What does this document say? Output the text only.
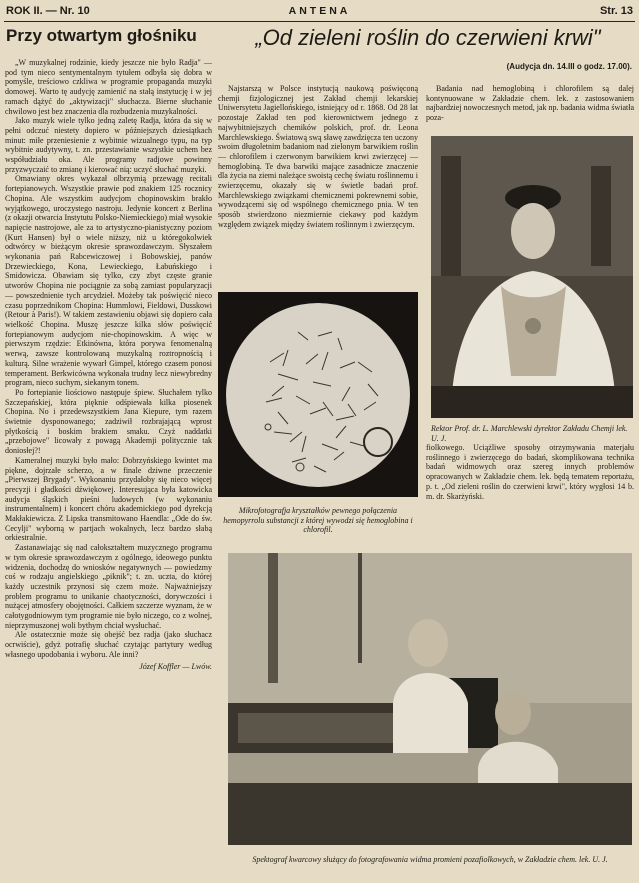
ROK II. — Nr. 10	ANTENA	Str. 13
Przy otwartym głośniku

„W muzykalnej rodzinie, kiedy jeszcze nie było Radja" — pod tym nieco sentymentalnym tytułem odbyła się dobra w pomyśle, treściowo czkliwa w programie propaganda muzyki domowej. Warto tę audycję zamienić na stałą instytucję i w jej ramach dążyć do „aktywizacji" słuchacza. Bierne słuchanie chwilowo jest bez znaczenia dla rozbudzenia muzykalności.

Jako muzyk wiele tylko jedną zaletę Radja, która da się w pełni odczuć niestety dopiero w późniejszych dziesiątkach minut: miłe przeniesienie z wybitnie wizualnego typu, na typ wybitnie audytywny, t. zn. przestawianie wszystkie uchem bez współudziału oka. Ale programy radjowe powinny przyzwyczaić to zmianę i kierować nią: uczyć słuchać muzyki.

Omawiany okres wykazał olbrzymią przewagę recitali fortepianowych. Wszystkie prawie pod znakiem 125 rocznicy Chopina. Ale wszystkim audycjom chopinowskim brakło wyjątkowego, uroczystego nastroju. Jedynie koncert z Berlina (z okazji otwarcia Instytutu Polsko-Niemieckiego) miał wysokie napięcie nastrojowe, ale za to artystyczno-pianistyczny poziom (Kurt Hansen) był o wiele niższy, niż u któregokolwiek odtwórcy w bieżącym okresie sprawozdawczym. Słyszałem wykonania pań Rabcewiczowej i Bobowskiej, panów Drzewieckiego, Kona, Lewieckiego, Łabuńskiego i Smidowicza. Obawiam się tylko, czy zbyt częste granie utworów Chopina nie pociągnie za sobą zamiast popularyzacji — powszednienie tych arcydzieł. Możeby tak poświęcić nieco czasu poprzednikom Chopina: Hummlowi, Fieldowi, Dusskowi (Retour à Paris!). W takiem zestawieniu objawi się dopiero cała wielkość Chopina. Muszę jeszcze kilka słów poświęcić fortepianowym audycjom nie-chopinowskim. A więc w pierwszym rzędzie: Etkinówna, która porywa fenomenalną werwą, zawsze kontrolowaną muzykalną roztropnością i kulturą. Silne wrażenie wywarł Gimpel, którego czasem ponosi temperament. Berkwicówna wykonała trudny lecz niewybredny program, nieco suchym, siekanym tonem.

Po fortepianie liościowo następuje śpiew. Słuchałem tylko Szczepańskiej, która pięknie odśpiewała kilka piosenek Chopina. No i przedewszystkiem Jana Kiepure, tym razem świetnie dysponowanego; zadziwił rozbrajającą wprost płytkością i boskim brakiem smaku. Czyż naddatki „przebojowe" licowały z powagą Akademji politycznie tak doniosłej?!

Kameralnej muzyki było mało: Dobrzyńskiego kwintet ma piękne, dojrzałe scherzo, a w finale dziwne przeczenie „Pierwszej Brygady". Wykonaniu przydałoby się nieco więcej precyzji i gładkości dźwiękowej. Interesująca była katowicka audycja śląskich pieśni ludowych (w wykonaniu instrumentalnem) i koncert chóru akademickiego pod dyrekcją Makłakiewicza. Z Lipska transmitowano Haendla: „Ode do św. Cecylji" wyborną w partjach wokalnych, lecz bardzo słabą orkiestralnie.

Zastanawiając się nad całokształtem muzycznego programu w tym okresie sprawozdawczym z ogólnego, ideowego punktu widzenia, dochodzę do wniosków negatywnych — powiedzmy coś w rodzaju angielskiego „piknik"; t. zn. uczta, do której każdy uczestnik przynosi się czem może. Najważniejszy problem programu to unikanie chaotyczności, dorywczości i nużącej atmosfery obojętności. Całkiem szczerze wyznam, że w całotygodniowym tym programie nie było niczego, co z wolnej, nieprzymuszonej woli bythym chciał wysłuchać.

Ale ostatecznie może się obejść bez radja (jako słuchacz ocrwiście), gdyż potrafię słuchać czytając partytury według własnego upodobania i wyboru. Ale inni?

Józef Koffler — Lwów.

„Od zieleni roślin do czerwieni krwi"
(Audycja dn. 14.III o godz. 17.00).

Najstarszą w Polsce instytucją naukową poświęconą chemji fizjologicznej jest Zakład chemji lekarskiej Uniwersytetu Jagiellońskiego, istniejący od r. 1868. Od 28 lat pozostaje Zakład ten pod kierownictwem jednego z najwybitniejszych chemików polskich, prof. dr. Leona Marchlewskiego. Światową swą sławę zawdzięcza ten uczony swoim długoletnim badaniom nad zielonym barwikiem roślin — chlorofilem i czerwonym barwikiem krwi zwierzęcej — hemoglobiną. Te dwa barwiki mające zasadnicze znaczenie dla życia na ziemi należące swoistą cechę światu roślinnemu i zwierzęcemu, okazały się w świetle badań prof. Marchlewskiego związkami chemicznemi pokrewnemi sobie, wywodzącemi się od wspólnego chemicznego pnia. W ten sposób stwierdzono niezmiernie ciekawy pod każdym względem związek między światem roślinnym i zwierzęcym.

Badania nad hemoglobiną i chlorofilem są dalej kontynuowane w Zakładzie chem. lek. z zastosowaniem najbardziej nowoczesnych metod, jak np. badania widma światła poza-

fiolkowego. Uciążliwe sposoby otrzymywania materjału roślinnego i zwierzęcego do badań, skomplikowana technika badań widmowych oraz szereg innych problemów opracowanych w Zakładzie chem. lek. będą tematem reportażu, p. t. „Od zieleni roślin do czerwieni krwi", który wygłosi 14 b. m. dr. Skarżyński.

Mikrofotografja kryształków pewnego połączenia hemopyrrolu substancji z której wywodzi się hemoglobina i chlorofil.
Rektor Prof. dr. L. Marchlewski dyrektor Zakładu Chemji lek. U. J.
Spektograf kwarcowy służący do fotografowania widma promieni pozafiolkowych, w Zakładzie chem. lek. U. J.
